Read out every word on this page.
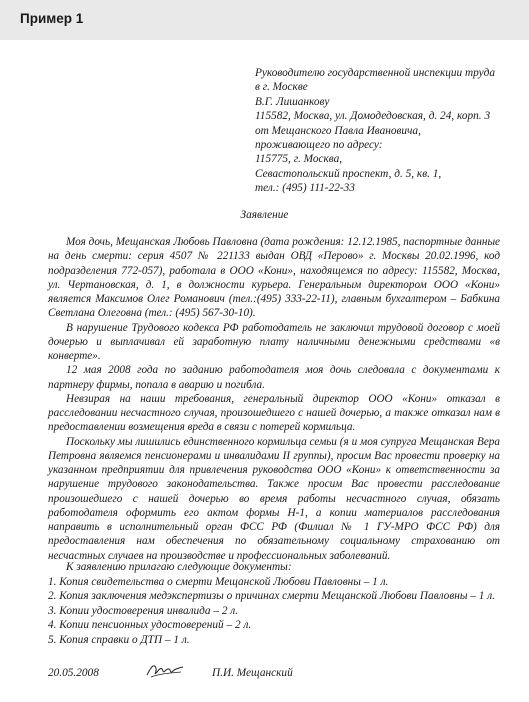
Пример 1
Руководителю государственной инспекции труда
в г. Москве
В.Г. Лишанкову
115582, Москва, ул. Домодедовская, д. 24, корп. 3
от Мещанского Павла Ивановича,
проживающего по адресу:
115775, г. Москва,
Севастопольский проспект, д. 5, кв. 1,
тел.: (495) 111-22-33
Заявление

Моя дочь, Мещанская Любовь Павловна (дата рождения: 12.12.1985, паспортные данные на день смерти: серия 4507 № 221133 выдан ОВД «Перово» г. Москвы 20.02.1996, код подразделения 772-057), работала в ООО «Кони», находящемся по адресу: 115582, Москва, ул. Чертановская, д. 1, в должности курьера. Генеральным директором ООО «Кони» является Максимов Олег Романович (тел.:(495) 333-22-11), главным бухгалтером – Бабкина Светлана Олеговна (тел.: (495) 567-30-10).

В нарушение Трудового кодекса РФ работодатель не заключил трудовой договор с моей дочерью и выплачивал ей заработную плату наличными денежными средствами «в конверте».

12 мая 2008 года по заданию работодателя моя дочь следовала с документами к партнеру фирмы, попала в аварию и погибла.

Невзирая на наши требования, генеральный директор ООО «Кони» отказал в расследовании несчастного случая, произошедшего с нашей дочерью, а также отказал нам в предоставлении возмещения вреда в связи с потерей кормильца.

Поскольку мы лишились единственного кормильца семьи (я и моя супруга Мещанская Вера Петровна являемся пенсионерами и инвалидами II группы), просим Вас провести проверку на указанном предприятии для привлечения руководства ООО «Кони» к ответственности за нарушение трудового законодательства. Также просим Вас провести расследование произошедшего с нашей дочерью во время работы несчастного случая, обязать работодателя оформить его актом формы Н-1, а копии материалов расследования направить в исполнительный орган ФСС РФ (Филиал № 1 ГУ-МРО ФСС РФ) для предоставления нам обеспечения по обязательному социальному страхованию от несчастных случаев на производстве и профессиональных заболеваний.

К заявлению прилагаю следующие документы:
1. Копия свидетельства о смерти Мещанской Любови Павловны – 1 л.
2. Копия заключения медэкспертизы о причинах смерти Мещанской Любови Павловны – 1 л.
3. Копии удостоверения инвалида – 2 л.
4. Копии пенсионных удостоверений – 2 л.
5. Копия справки о ДТП – 1 л.
20.05.2008	П.И. Мещанский
